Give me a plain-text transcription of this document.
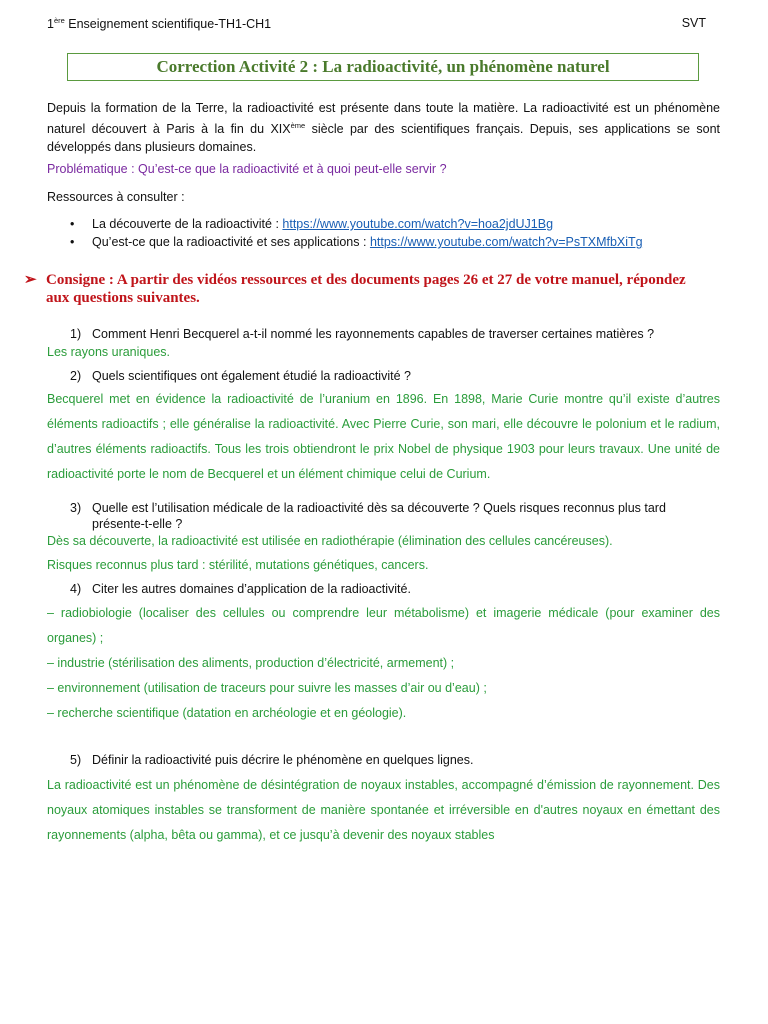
1ère Enseignement scientifique-TH1-CH1	SVT
Correction Activité 2 : La radioactivité, un phénomène naturel
Depuis la formation de la Terre, la radioactivité est présente dans toute la matière. La radioactivité est un phénomène naturel découvert à Paris à la fin du XIXème siècle par des scientifiques français. Depuis, ses applications se sont développés dans plusieurs domaines.
Problématique : Qu’est-ce que la radioactivité et à quoi peut-elle servir ?
Ressources à consulter :
• La découverte de la radioactivité : https://www.youtube.com/watch?v=hoa2jdUJ1Bg
• Qu’est-ce que la radioactivité et ses applications : https://www.youtube.com/watch?v=PsTXMfbXiTg
➢ Consigne : A partir des vidéos ressources et des documents pages 26 et 27 de votre manuel, répondez
aux questions suivantes.
1) Comment Henri Becquerel a-t-il nommé les rayonnements capables de traverser certaines matières ?
Les rayons uraniques.
2) Quels scientifiques ont également étudié la radioactivité ?
Becquerel met en évidence la radioactivité de l’uranium en 1896. En 1898, Marie Curie montre qu’il existe d’autres éléments radioactifs ; elle généralise la radioactivité. Avec Pierre Curie, son mari, elle découvre le polonium et le radium, d’autres éléments radioactifs. Tous les trois obtiendront le prix Nobel de physique 1903 pour leurs travaux. Une unité de radioactivité porte le nom de Becquerel et un élément chimique celui de Curium.
3) Quelle est l’utilisation médicale de la radioactivité dès sa découverte ? Quels risques reconnus plus tard
présente-t-elle ?
Dès sa découverte, la radioactivité est utilisée en radiothérapie (élimination des cellules cancéreuses).
Risques reconnus plus tard : stérilité, mutations génétiques, cancers.
4) Citer les autres domaines d’application de la radioactivité.
– radiobiologie (localiser des cellules ou comprendre leur métabolisme) et imagerie médicale (pour examiner des organes) ;
– industrie (stérilisation des aliments, production d’électricité, armement) ;
– environnement (utilisation de traceurs pour suivre les masses d’air ou d’eau) ;
– recherche scientifique (datation en archéologie et en géologie).
5) Définir la radioactivité puis décrire le phénomène en quelques lignes.
La radioactivité est un phénomène de désintégration de noyaux instables, accompagné d’émission de rayonnement. Des noyaux atomiques instables se transforment de manière spontanée et irréversible en d'autres noyaux en émettant des rayonnements (alpha, bêta ou gamma), et ce jusqu’à devenir des noyaux stables
